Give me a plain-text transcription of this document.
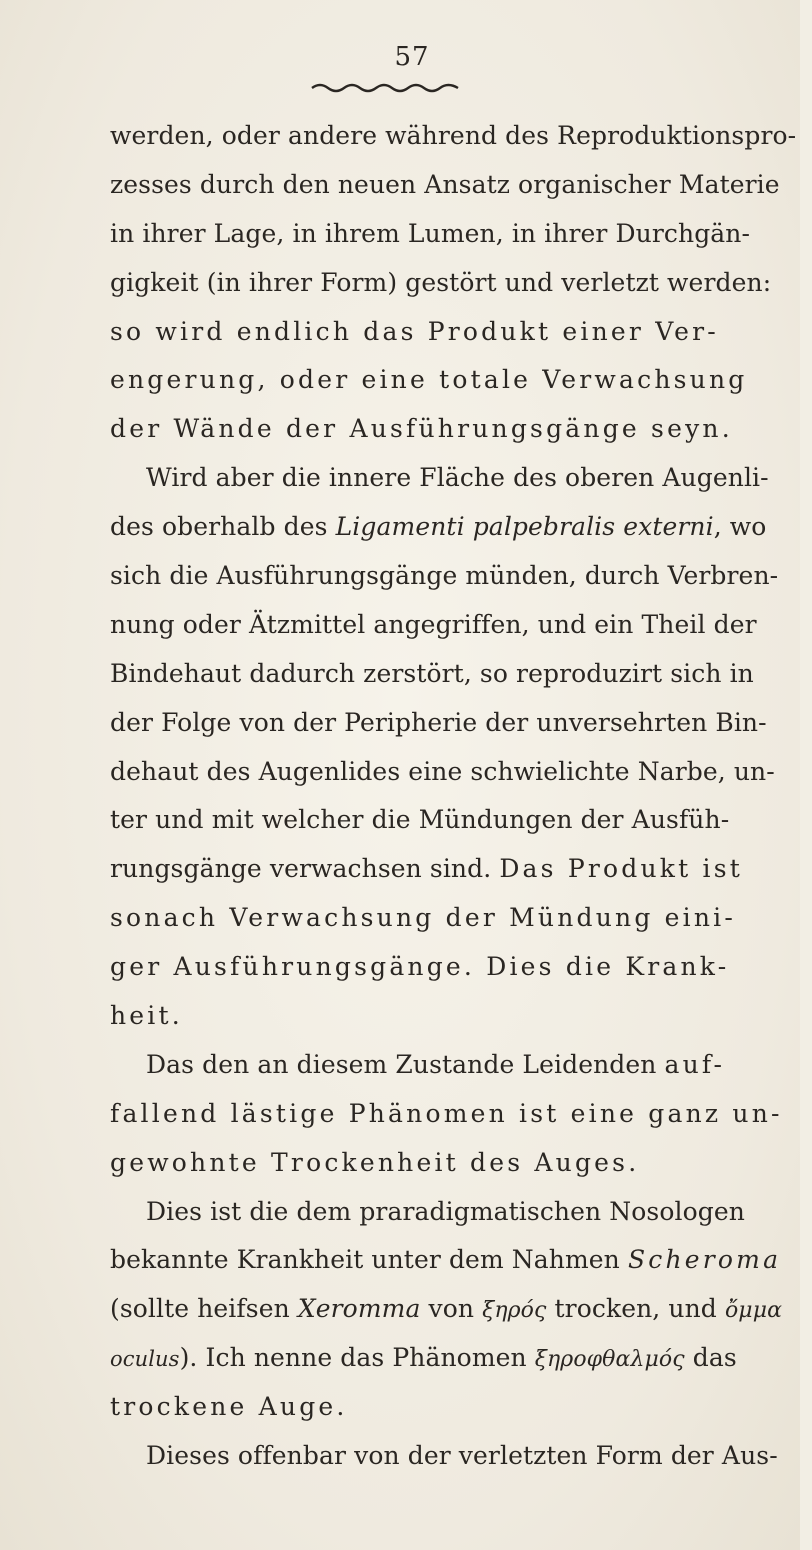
57
werden, oder andere während des Reproduktionspro-
zesses durch den neuen Ansatz organischer Materie
in ihrer Lage, in ihrem Lumen, in ihrer Durchgän-
gigkeit (in ihrer Form) gestört und verletzt werden:
so wird endlich das Produkt einer Ver-
engerung, oder eine totale Verwachsung
der Wände der Ausführungsgänge seyn.
Wird aber die innere Fläche des oberen Augenli-
des oberhalb des Ligamenti palpebralis externi, wo
sich die Ausführungsgänge münden, durch Verbren-
nung oder Ätzmittel angegriffen, und ein Theil der
Bindehaut dadurch zerstört, so reproduzirt sich in
der Folge von der Peripherie der unversehrten Bin-
dehaut des Augenlides eine schwielichte Narbe, un-
ter und mit welcher die Mündungen der Ausfüh-
rungsgänge verwachsen sind. Das Produkt ist
sonach Verwachsung der Mündung eini-
ger Ausführungsgänge. Dies die Krank-
heit.
Das den an diesem Zustande Leidenden auf-
fallend lästige Phänomen ist eine ganz un-
gewohnte Trockenheit des Auges.
Dies ist die dem praradigmatischen Nosologen
bekannte Krankheit unter dem Nahmen Scheroma
(sollte heifsen Xeromma von ξηρός trocken, und ὄμμα
oculus). Ich nenne das Phänomen ξηροφθαλμός das
trockene Auge.
Dieses offenbar von der verletzten Form der Aus-
